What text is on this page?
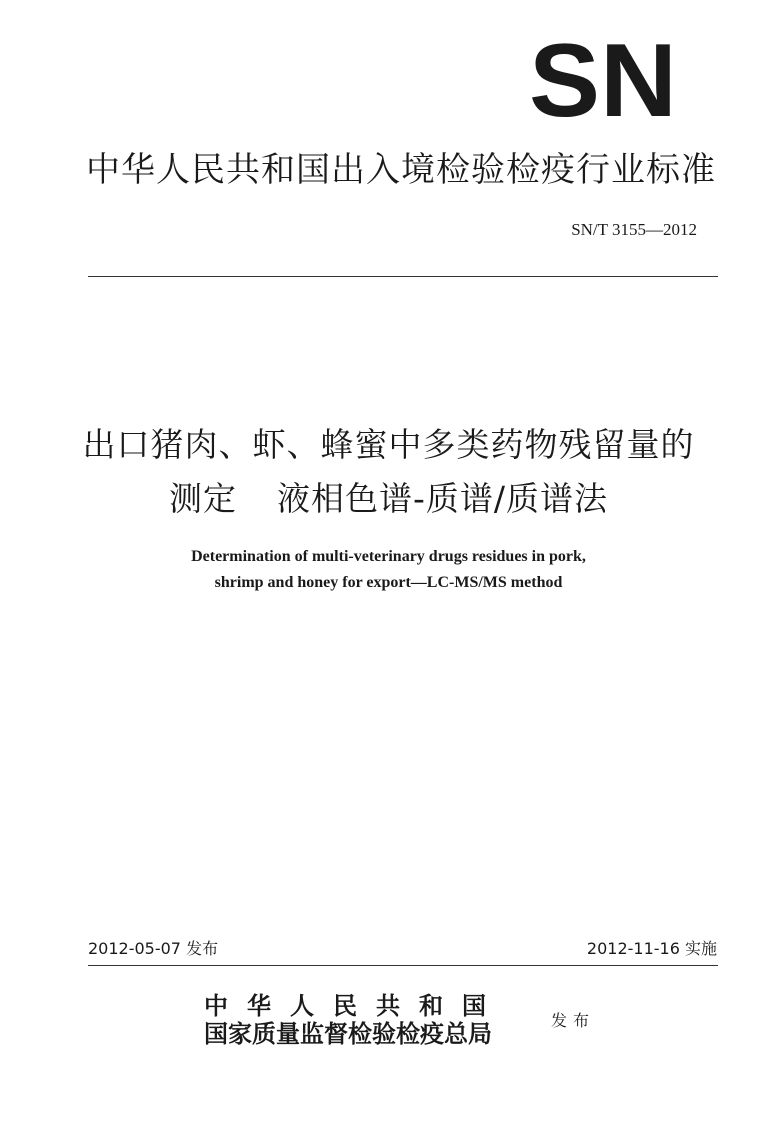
SN
中华人民共和国出入境检验检疫行业标准
SN/T 3155—2012
出口猪肉、虾、蜂蜜中多类药物残留量的
测定 液相色谱-质谱/质谱法
Determination of multi-veterinary drugs residues in pork,
shrimp and honey for export—LC-MS/MS method
2012-05-07 发布	2012-11-16 实施
中华人民共和国
国家质量监督检验检疫总局	发布
